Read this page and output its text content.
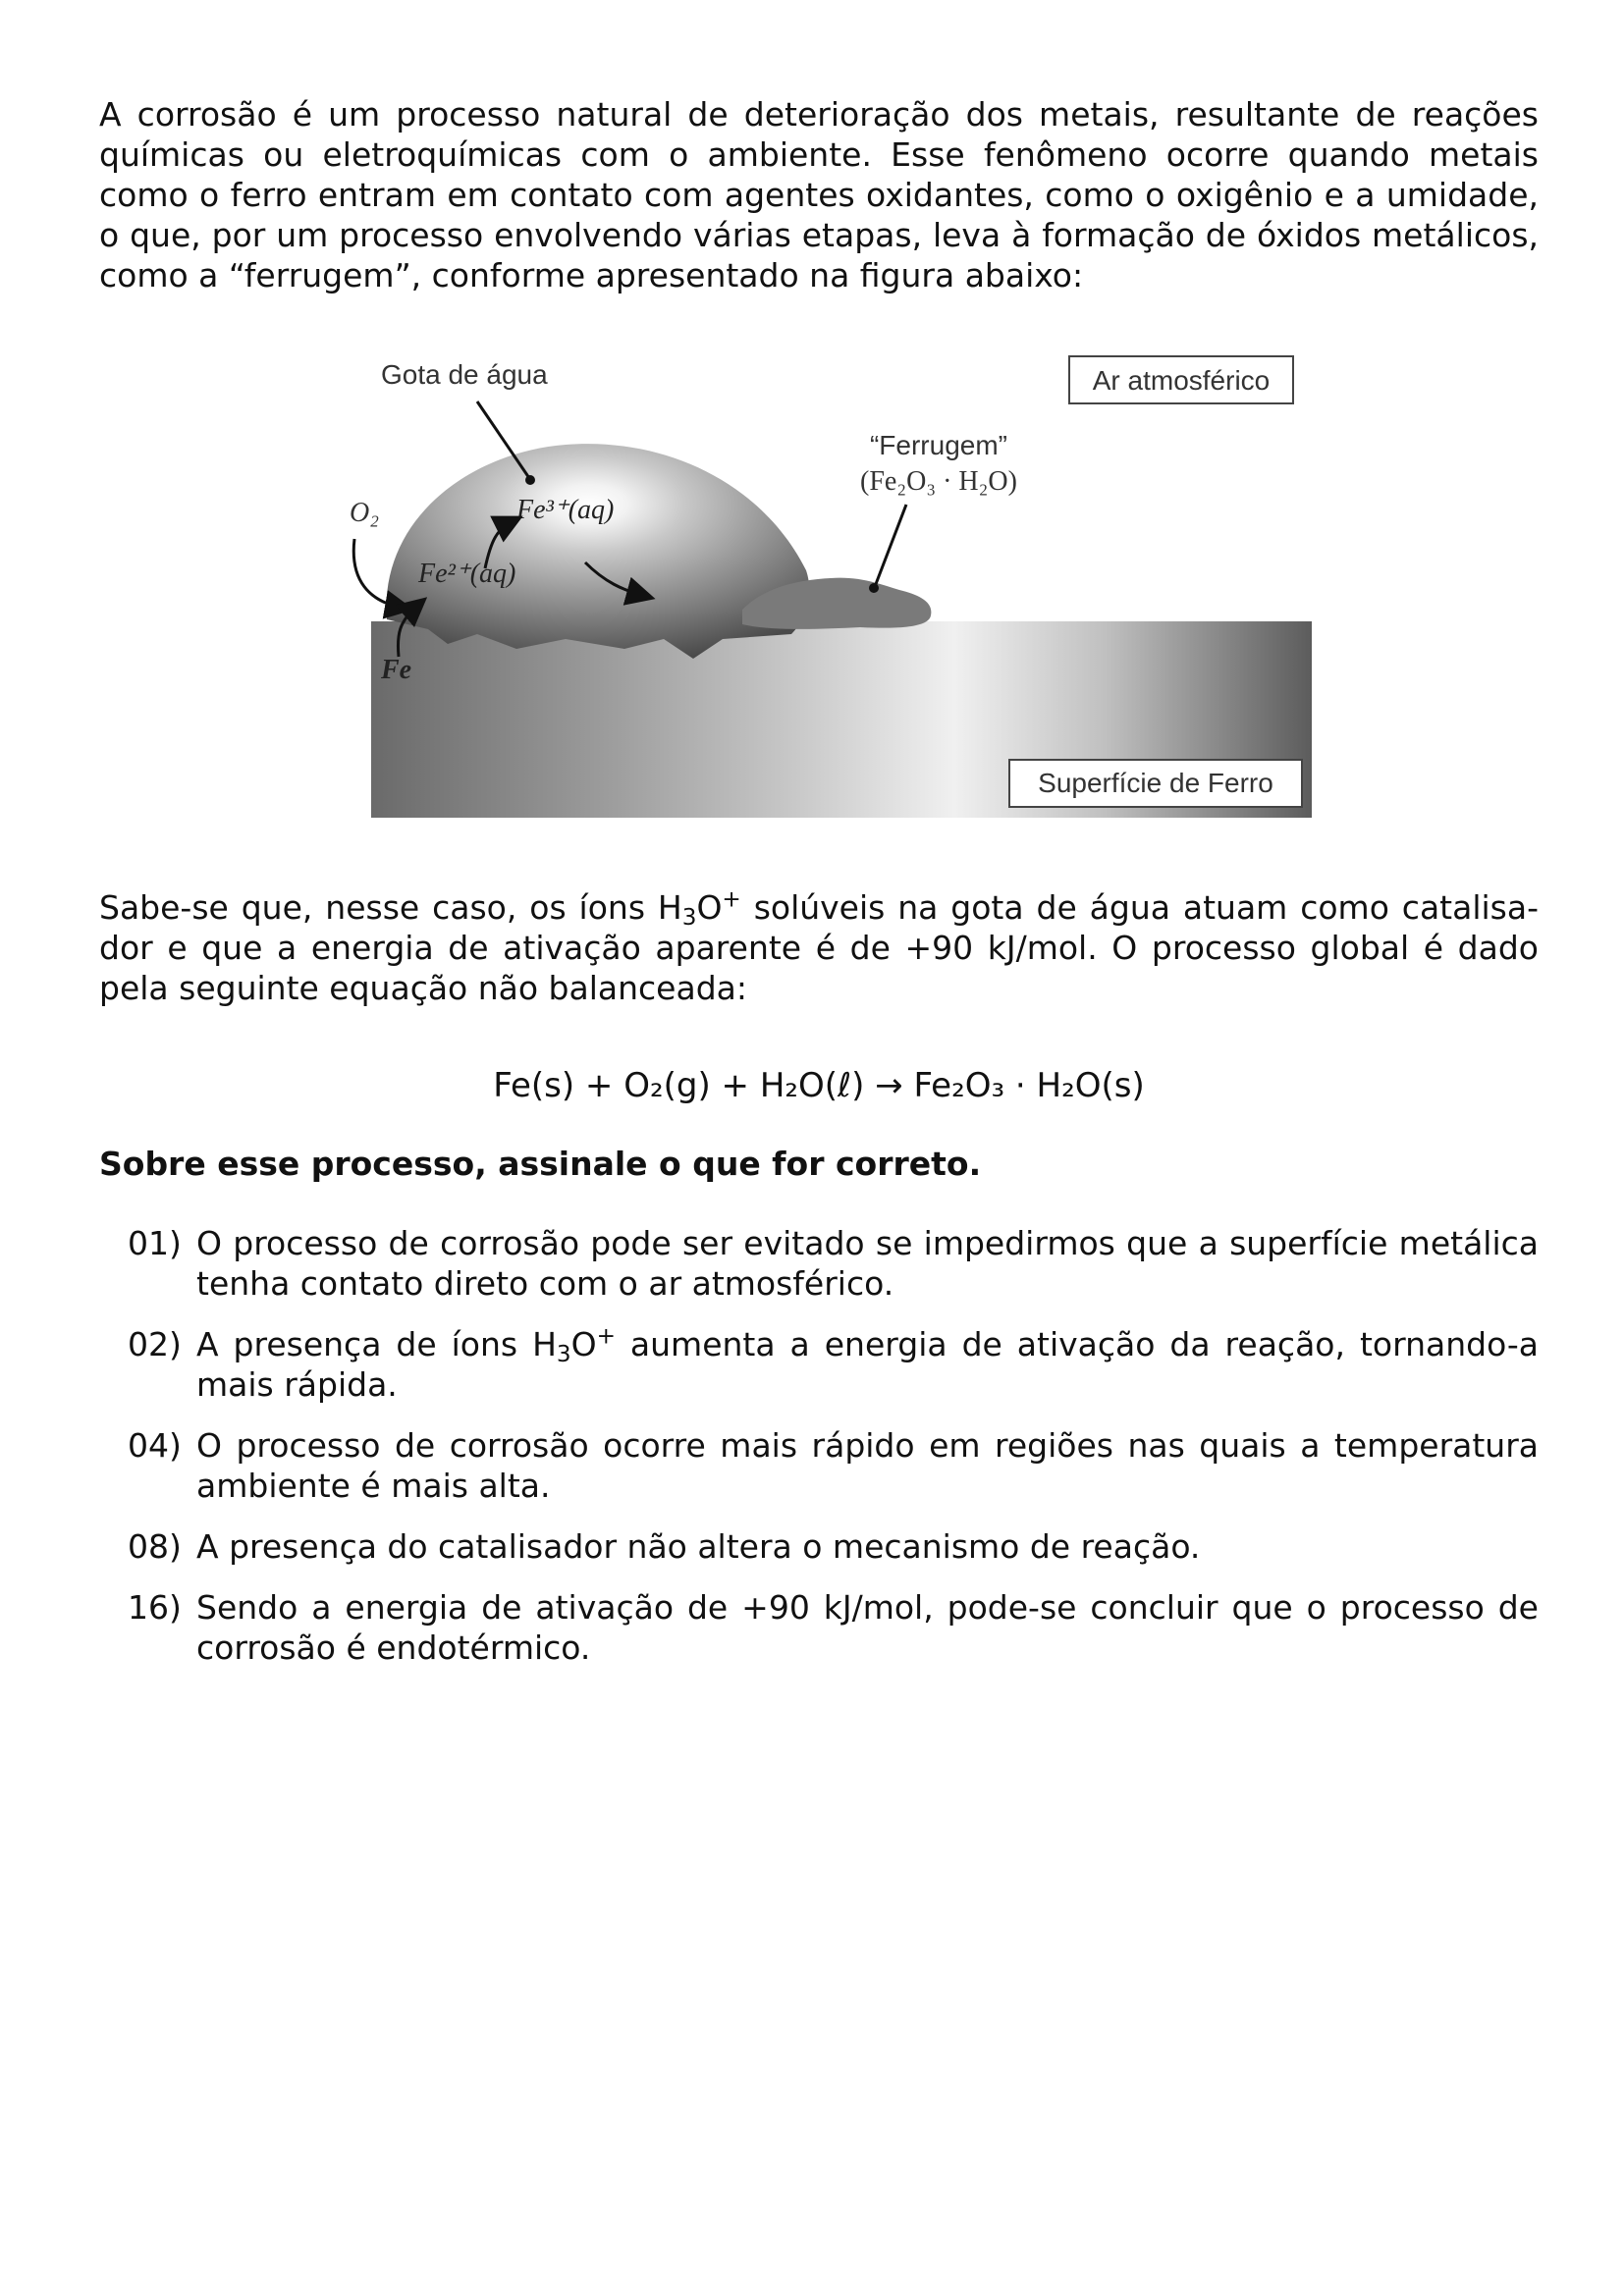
A corrosão é um processo natural de deterioração dos metais, resultante de reações químicas ou eletroquímicas com o ambiente. Esse fenômeno ocorre quando metais como o ferro entram em contato com agentes oxidantes, como o oxigênio e a umidade, o que, por um processo envolvendo várias etapas, leva à formação de óxidos metálicos, como a “ferrugem”, conforme apresentado na figura abaixo:

Ar atmosférico
Superfície de Ferro
Gota de água
“Ferrugem”
(Fe₂O₃ · H₂O)
O₂	Fe³⁺(aq)
Fe²⁺(aq)
Fe

Sabe-se que, nesse caso, os íons $H_3O^+$ solúveis na gota de água atuam como catalisa-dor e que a energia de ativação aparente é de +90 kJ/mol. O processo global é dado pela seguinte equação não balanceada:

Fe(s) + O₂(g) + H₂O(ℓ) → Fe₂O₃ · H₂O(s)
Sobre esse processo, assinale o que for correto.
01) O processo de corrosão pode ser evitado se impedirmos que a superfície metálica tenha contato direto com o ar atmosférico.
02) A presença de íons $H_3O^+$ aumenta a energia de ativação da reação, tornando-a mais rápida.
04) O processo de corrosão ocorre mais rápido em regiões nas quais a temperatura ambiente é mais alta.
08) A presença do catalisador não altera o mecanismo de reação.
16) Sendo a energia de ativação de +90 kJ/mol, pode-se concluir que o processo de corrosão é endotérmico.
